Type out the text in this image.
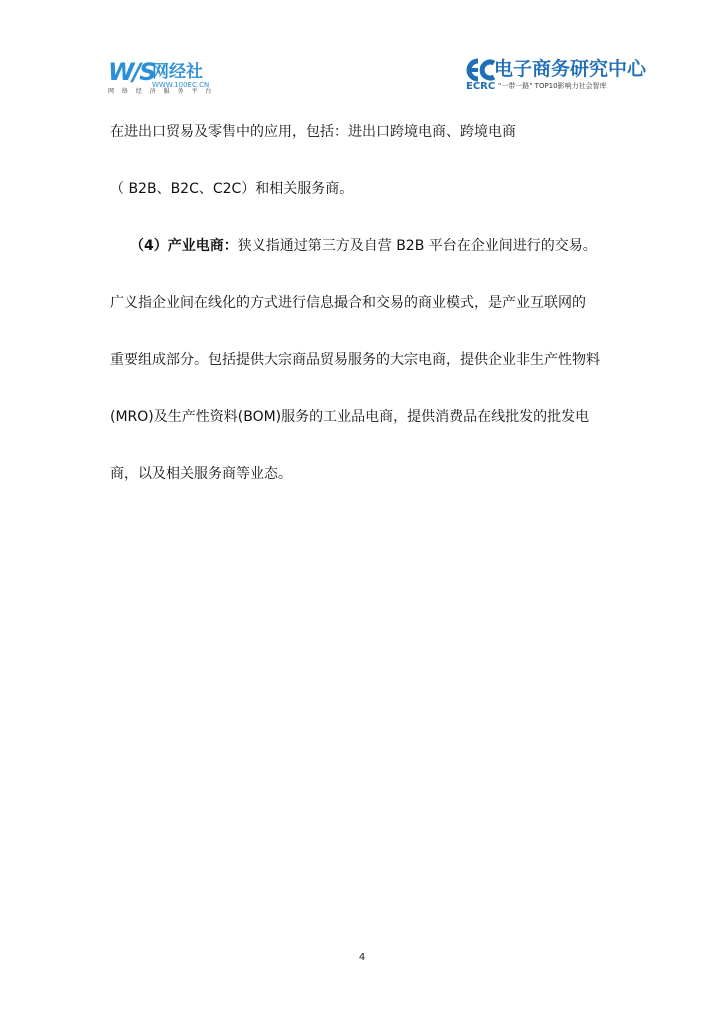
W/S
网经社
WWW.100EC.CN
网 络 经 济 服 务 平 台
电子商务研究中心
ECRC "一带一路" TOP10影响力社会智库
在进出口贸易及零售中的应用，包括：进出口跨境电商、跨境电商
（ B2B、B2C、C2C）和相关服务商。
（4）产业电商：狭义指通过第三方及自营 B2B 平台在企业间进行的交易。
广义指企业间在线化的方式进行信息撮合和交易的商业模式，是产业互联网的
重要组成部分。包括提供大宗商品贸易服务的大宗电商，提供企业非生产性物料
(MRO)及生产性资料(BOM)服务的工业品电商，提供消费品在线批发的批发电
商，以及相关服务商等业态。
4
